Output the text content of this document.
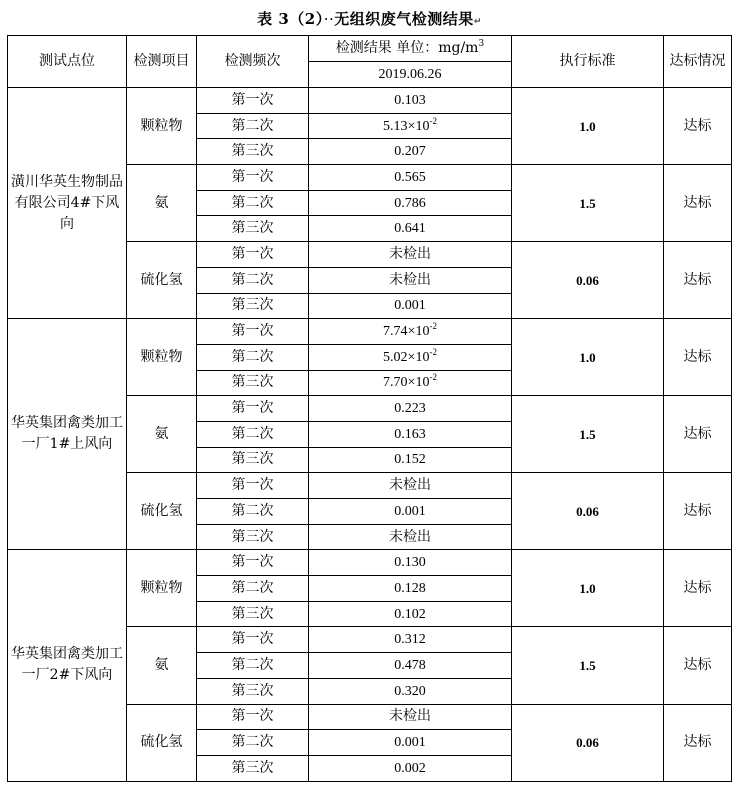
表 3（2）··无组织废气检测结果↵
测试点位	检测项目	检测频次	检测结果 单位：$mg/m^3$	执行标准	达标情况
			2019.06.26		
潢川华英生物制品有限公司4#下风向	颗粒物	第一次	0.103	1.0	达标
		第二次	$5.13\times 10^{-2}$
		第三次	0.207		
	氨	第一次	0.565	1.5	达标
		第二次	0.786		
		第三次	0.641		
	硫化氢	第一次	未检出	0.06	达标
		第二次	未检出		
		第三次	0.001		
华英集团禽类加工一厂1#上风向	颗粒物	第一次	$7.74\times 10^{-2}$	1.0	达标
		第二次	$5.02\times 10^{-2}$
		第三次	$7.70\times 10^{-2}$
	氨	第一次	0.223	1.5	达标
		第二次	0.163		
		第三次	0.152		
	硫化氢	第一次	未检出	0.06	达标
		第二次	0.001		
		第三次	未检出		
华英集团禽类加工一厂2#下风向	颗粒物	第一次	0.130	1.0	达标
		第二次	0.128		
		第三次	0.102		
	氨	第一次	0.312	1.5	达标
		第二次	0.478		
		第三次	0.320		
	硫化氢	第一次	未检出	0.06	达标
		第二次	0.001		
		第三次	0.002		
